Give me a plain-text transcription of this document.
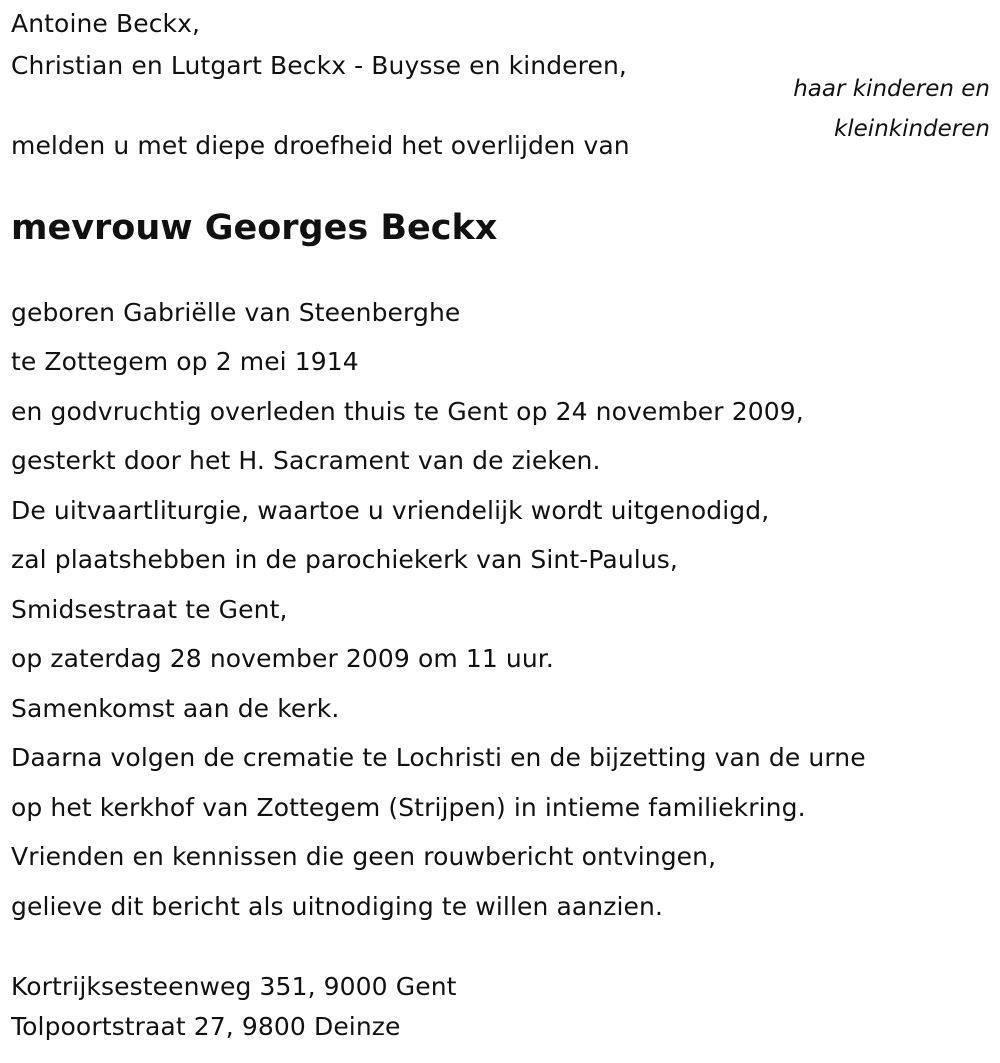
Antoine Beckx,
Christian en Lutgart Beckx - Buysse en kinderen,
haar kinderen en
kleinkinderen
melden u met diepe droefheid het overlijden van
mevrouw Georges Beckx
geboren Gabriëlle van Steenberghe
te Zottegem op 2 mei 1914
en godvruchtig overleden thuis te Gent op 24 november 2009,
gesterkt door het H. Sacrament van de zieken.
De uitvaartliturgie, waartoe u vriendelijk wordt uitgenodigd,
zal plaatshebben in de parochiekerk van Sint-Paulus,
Smidsestraat te Gent,
op zaterdag 28 november 2009 om 11 uur.
Samenkomst aan de kerk.
Daarna volgen de crematie te Lochristi en de bijzetting van de urne
op het kerkhof van Zottegem (Strijpen) in intieme familiekring.
Vrienden en kennissen die geen rouwbericht ontvingen,
gelieve dit bericht als uitnodiging te willen aanzien.
Kortrijksesteenweg 351, 9000 Gent
Tolpoortstraat 27, 9800 Deinze
